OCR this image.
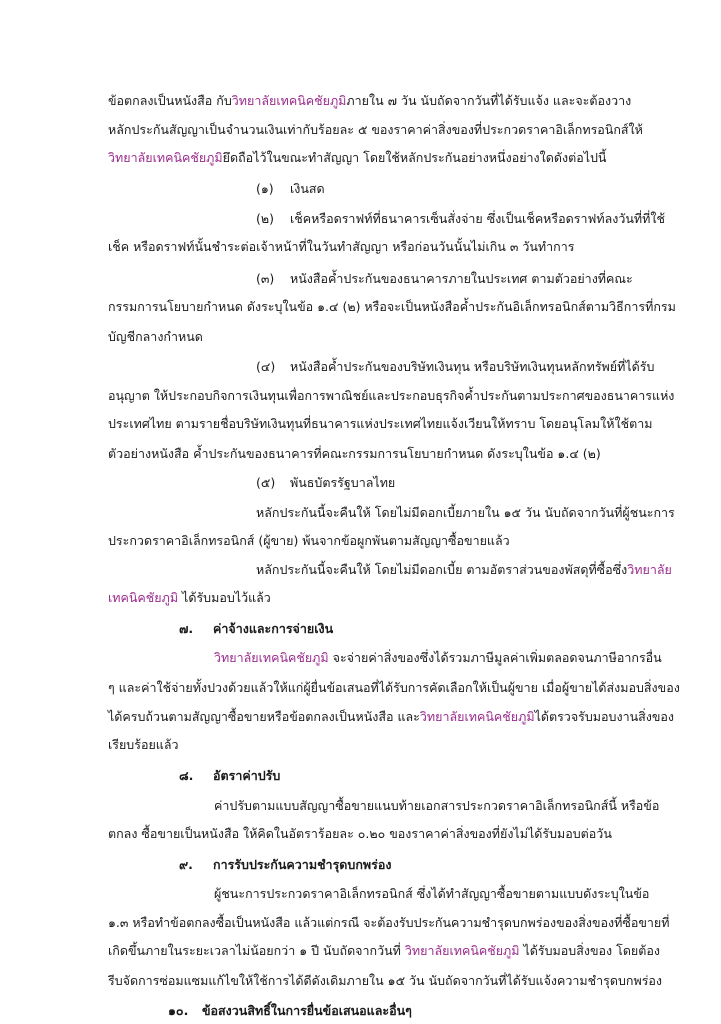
ข้อตกลงเป็นหนังสือ กับวิทยาลัยเทคนิคชัยภูมิภายใน ๗ วัน นับถัดจากวันที่ได้รับแจ้ง และจะต้องวาง
หลักประกันสัญญาเป็นจำนวนเงินเท่ากับร้อยละ ๕ ของราคาค่าสิ่งของที่ประกวดราคาอิเล็กทรอนิกส์ให้
วิทยาลัยเทคนิคชัยภูมิยึดถือไว้ในขณะทำสัญญา โดยใช้หลักประกันอย่างหนึ่งอย่างใดดังต่อไปนี้
(๑) เงินสด
(๒) เช็คหรือดราฟท์ที่ธนาคารเซ็นสั่งจ่าย ซึ่งเป็นเช็คหรือดราฟท์ลงวันที่ที่ใช้
เช็ค หรือดราฟท์นั้นชำระต่อเจ้าหน้าที่ในวันทำสัญญา หรือก่อนวันนั้นไม่เกิน ๓ วันทำการ
(๓) หนังสือค้ำประกันของธนาคารภายในประเทศ ตามตัวอย่างที่คณะ
กรรมการนโยบายกำหนด ดังระบุในข้อ ๑.๔ (๒) หรือจะเป็นหนังสือค้ำประกันอิเล็กทรอนิกส์ตามวิธีการที่กรม
บัญชีกลางกำหนด
(๔) หนังสือค้ำประกันของบริษัทเงินทุน หรือบริษัทเงินทุนหลักทรัพย์ที่ได้รับ
อนุญาต ให้ประกอบกิจการเงินทุนเพื่อการพาณิชย์และประกอบธุรกิจค้ำประกันตามประกาศของธนาคารแห่ง
ประเทศไทย ตามรายชื่อบริษัทเงินทุนที่ธนาคารแห่งประเทศไทยแจ้งเวียนให้ทราบ โดยอนุโลมให้ใช้ตาม
ตัวอย่างหนังสือ ค้ำประกันของธนาคารที่คณะกรรมการนโยบายกำหนด ดังระบุในข้อ ๑.๔ (๒)
(๕) พันธบัตรรัฐบาลไทย
หลักประกันนี้จะคืนให้ โดยไม่มีดอกเบี้ยภายใน ๑๕ วัน นับถัดจากวันที่ผู้ชนะการ
ประกวดราคาอิเล็กทรอนิกส์ (ผู้ขาย) พ้นจากข้อผูกพันตามสัญญาซื้อขายแล้ว
หลักประกันนี้จะคืนให้ โดยไม่มีดอกเบี้ย ตามอัตราส่วนของพัสดุที่ซื้อซึ่งวิทยาลัย
เทคนิคชัยภูมิ ได้รับมอบไว้แล้ว
๗. ค่าจ้างและการจ่ายเงิน
วิทยาลัยเทคนิคชัยภูมิ จะจ่ายค่าสิ่งของซึ่งได้รวมภาษีมูลค่าเพิ่มตลอดจนภาษีอากรอื่น
ๆ และค่าใช้จ่ายทั้งปวงด้วยแล้วให้แก่ผู้ยื่นข้อเสนอที่ได้รับการคัดเลือกให้เป็นผู้ขาย เมื่อผู้ขายได้ส่งมอบสิ่งของ
ได้ครบถ้วนตามสัญญาซื้อขายหรือข้อตกลงเป็นหนังสือ และวิทยาลัยเทคนิคชัยภูมิได้ตรวจรับมอบงานสิ่งของ
เรียบร้อยแล้ว
๘. อัตราค่าปรับ
ค่าปรับตามแบบสัญญาซื้อขายแนบท้ายเอกสารประกวดราคาอิเล็กทรอนิกส์นี้ หรือข้อ
ตกลง ซื้อขายเป็นหนังสือ ให้คิดในอัตราร้อยละ ๐.๒๐ ของราคาค่าสิ่งของที่ยังไม่ได้รับมอบต่อวัน
๙. การรับประกันความชำรุดบกพร่อง
ผู้ชนะการประกวดราคาอิเล็กทรอนิกส์ ซึ่งได้ทำสัญญาซื้อขายตามแบบดังระบุในข้อ
๑.๓ หรือทำข้อตกลงซื้อเป็นหนังสือ แล้วแต่กรณี จะต้องรับประกันความชำรุดบกพร่องของสิ่งของที่ซื้อขายที่
เกิดขึ้นภายในระยะเวลาไม่น้อยกว่า ๑ ปี นับถัดจากวันที่ วิทยาลัยเทคนิคชัยภูมิ ได้รับมอบสิ่งของ โดยต้อง
รีบจัดการซ่อมแซมแก้ไขให้ใช้การได้ดีดังเดิมภายใน ๑๕ วัน นับถัดจากวันที่ได้รับแจ้งความชำรุดบกพร่อง
๑๐. ข้อสงวนสิทธิ์ในการยื่นข้อเสนอและอื่นๆ
